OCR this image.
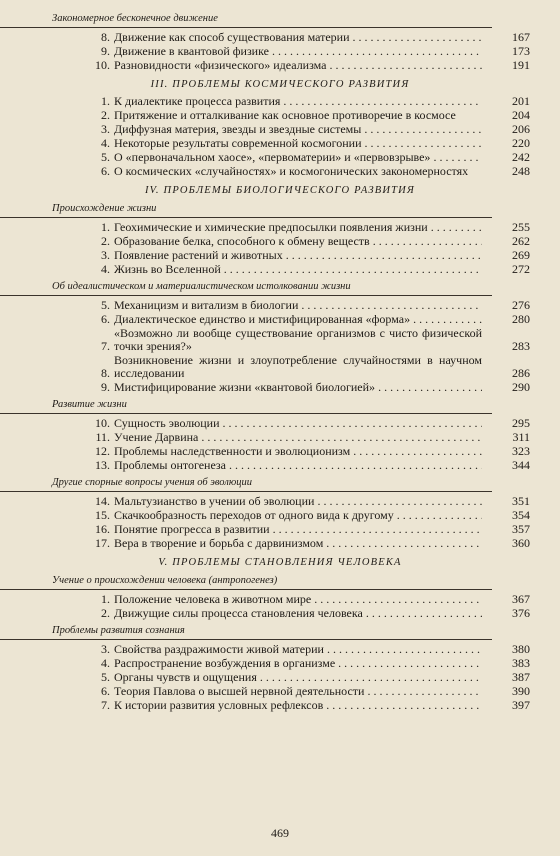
Закономерное бесконечное движение
8. Движение как способ существования материи . . .	167
9. Движение в квантовой физике . . .	173
10. Разновидности «физического» идеализма . . .	191
III. ПРОБЛЕМЫ КОСМИЧЕСКОГО РАЗВИТИЯ
1. К диалектике процесса развития . . .	201
2. Притяжение и отталкивание как основное противоречие в космосе	204
3. Диффузная материя, звезды и звездные системы . . .	206
4. Некоторые результаты современной космогонии . . .	220
5. О «первоначальном хаосе», «первоматерии» и «первовзрыве» . . .	242
6. О космических «случайностях» и космогонических закономерностях	248
IV. ПРОБЛЕМЫ БИОЛОГИЧЕСКОГО РАЗВИТИЯ
Происхождение жизни
1. Геохимические и химические предпосылки появления жизни . . .	255
2. Образование белка, способного к обмену веществ . . .	262
3. Появление растений и животных . . .	269
4. Жизнь во Вселенной . . .	272
Об идеалистическом и материалистическом истолковании жизни
5. Механицизм и витализм в биологии . . .	276
6. Диалектическое единство и мистифицированная «форма» . . .	280
7.
«Возможно ли вообще существование организмов с чисто физической точки зрения?»	283
8.
Возникновение жизни и злоупотребление случайностями в научном исследовании	286
9. Мистифицирование жизни «квантовой биологией» . . .	290
Развитие жизни
10. Сущность эволюции . . .	295
11. Учение Дарвина . . .	311
12. Проблемы наследственности и эволюционизм . . .	323
13. Проблемы онтогенеза . . .	344
Другие спорные вопросы учения об эволюции
14. Мальтузианство в учении об эволюции . . .	351
15. Скачкообразность переходов от одного вида к другому . . .	354
16. Понятие прогресса в развитии . . .	357
17. Вера в творение и борьба с дарвинизмом . . .	360
V. ПРОБЛЕМЫ СТАНОВЛЕНИЯ ЧЕЛОВЕКА
Учение о происхождении человека (антропогенез)
1. Положение человека в животном мире . . .	367
2. Движущие силы процесса становления человека . . .	376
Проблемы развития сознания
3. Свойства раздражимости живой материи . . .	380
4. Распространение возбуждения в организме . . .	383
5. Органы чувств и ощущения . . .	387
6. Теория Павлова о высшей нервной деятельности . . .	390
7. К истории развития условных рефлексов . . .	397
469
